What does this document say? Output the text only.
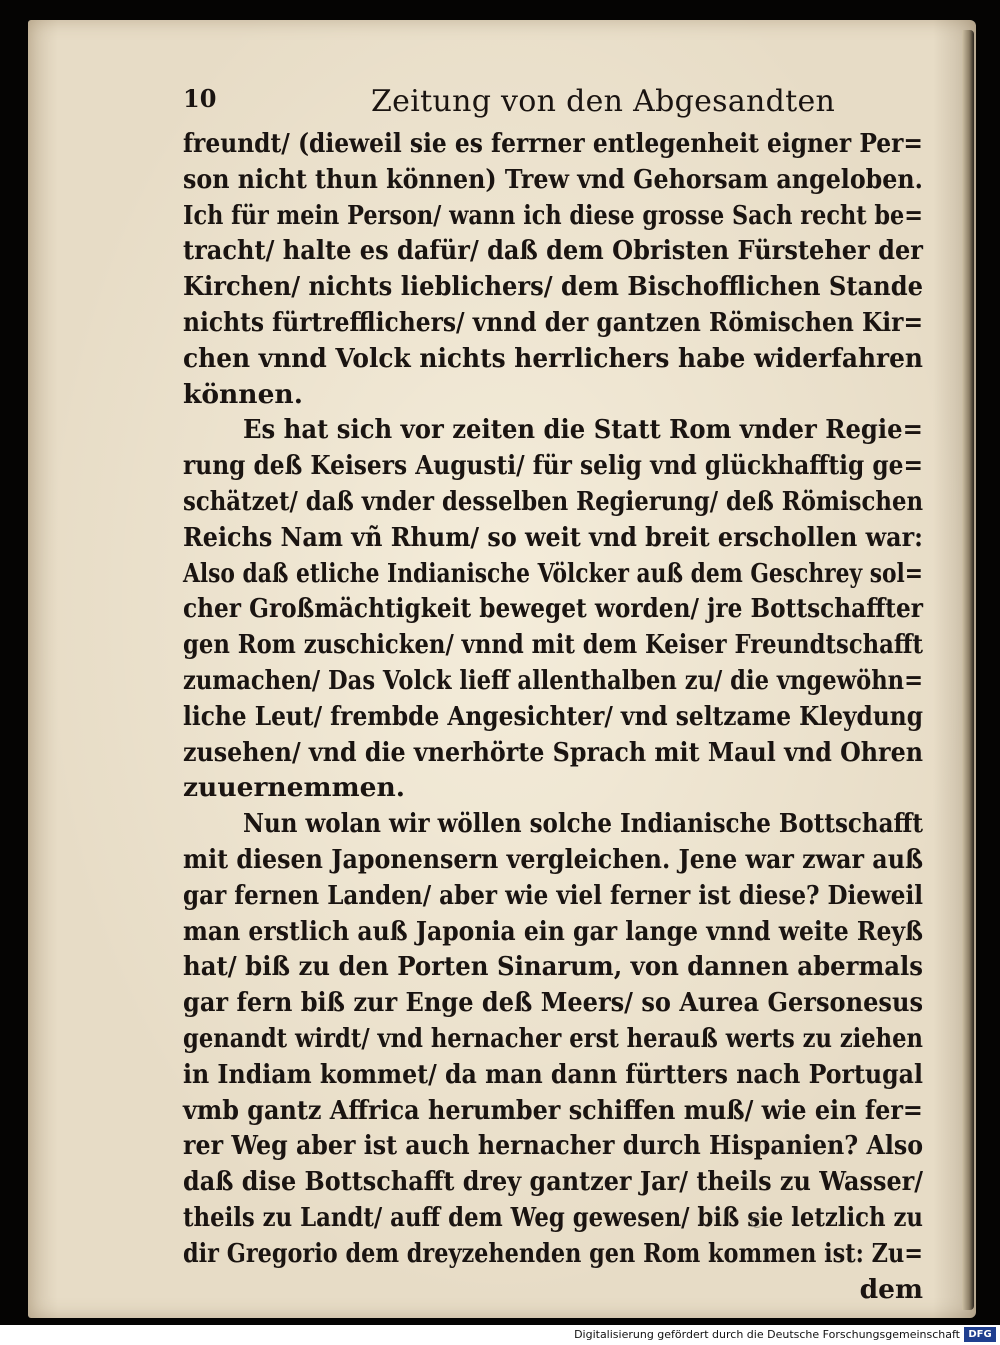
10	Zeitung von den Abgesandten
freundt/ (dieweil sie es ferrner entlegenheit eigner Per=
son nicht thun können) Trew vnd Gehorsam angeloben.
Ich für mein Person/ wann ich diese grosse Sach recht be=
tracht/ halte es dafür/ daß dem Obristen Fürsteher der
Kirchen/ nichts lieblichers/ dem Bischofflichen Stande
nichts fürtrefflichers/ vnnd der gantzen Römischen Kir=
chen vnnd Volck nichts herrlichers habe widerfahren
können.
Es hat sich vor zeiten die Statt Rom vnder Regie=
rung deß Keisers Augusti/ für selig vnd glückhafftig ge=
schätzet/ daß vnder desselben Regierung/ deß Römischen
Reichs Nam vñ Rhum/ so weit vnd breit erschollen war:
Also daß etliche Indianische Völcker auß dem Geschrey sol=
cher Großmächtigkeit beweget worden/ jre Bottschaffter
gen Rom zuschicken/ vnnd mit dem Keiser Freundtschafft
zumachen/ Das Volck lieff allenthalben zu/ die vngewöhn=
liche Leut/ frembde Angesichter/ vnd seltzame Kleydung
zusehen/ vnd die vnerhörte Sprach mit Maul vnd Ohren
zuuernemmen.
Nun wolan wir wöllen solche Indianische Bottschafft
mit diesen Japonensern vergleichen. Jene war zwar auß
gar fernen Landen/ aber wie viel ferner ist diese? Dieweil
man erstlich auß Japonia ein gar lange vnnd weite Reyß
hat/ biß zu den Porten Sinarum, von dannen abermals
gar fern biß zur Enge deß Meers/ so Aurea Gersonesus
genandt wirdt/ vnd hernacher erst herauß werts zu ziehen
in Indiam kommet/ da man dann fürtters nach Portugal
vmb gantz Affrica herumber schiffen muß/ wie ein fer=
rer Weg aber ist auch hernacher durch Hispanien? Also
daß dise Bottschafft drey gantzer Jar/ theils zu Wasser/
theils zu Landt/ auff dem Weg gewesen/ biß sie letzlich zu
dir Gregorio dem dreyzehenden gen Rom kommen ist: Zu=
dem
Digitalisierung gefördert durch die Deutsche Forschungsgemeinschaft DFG
